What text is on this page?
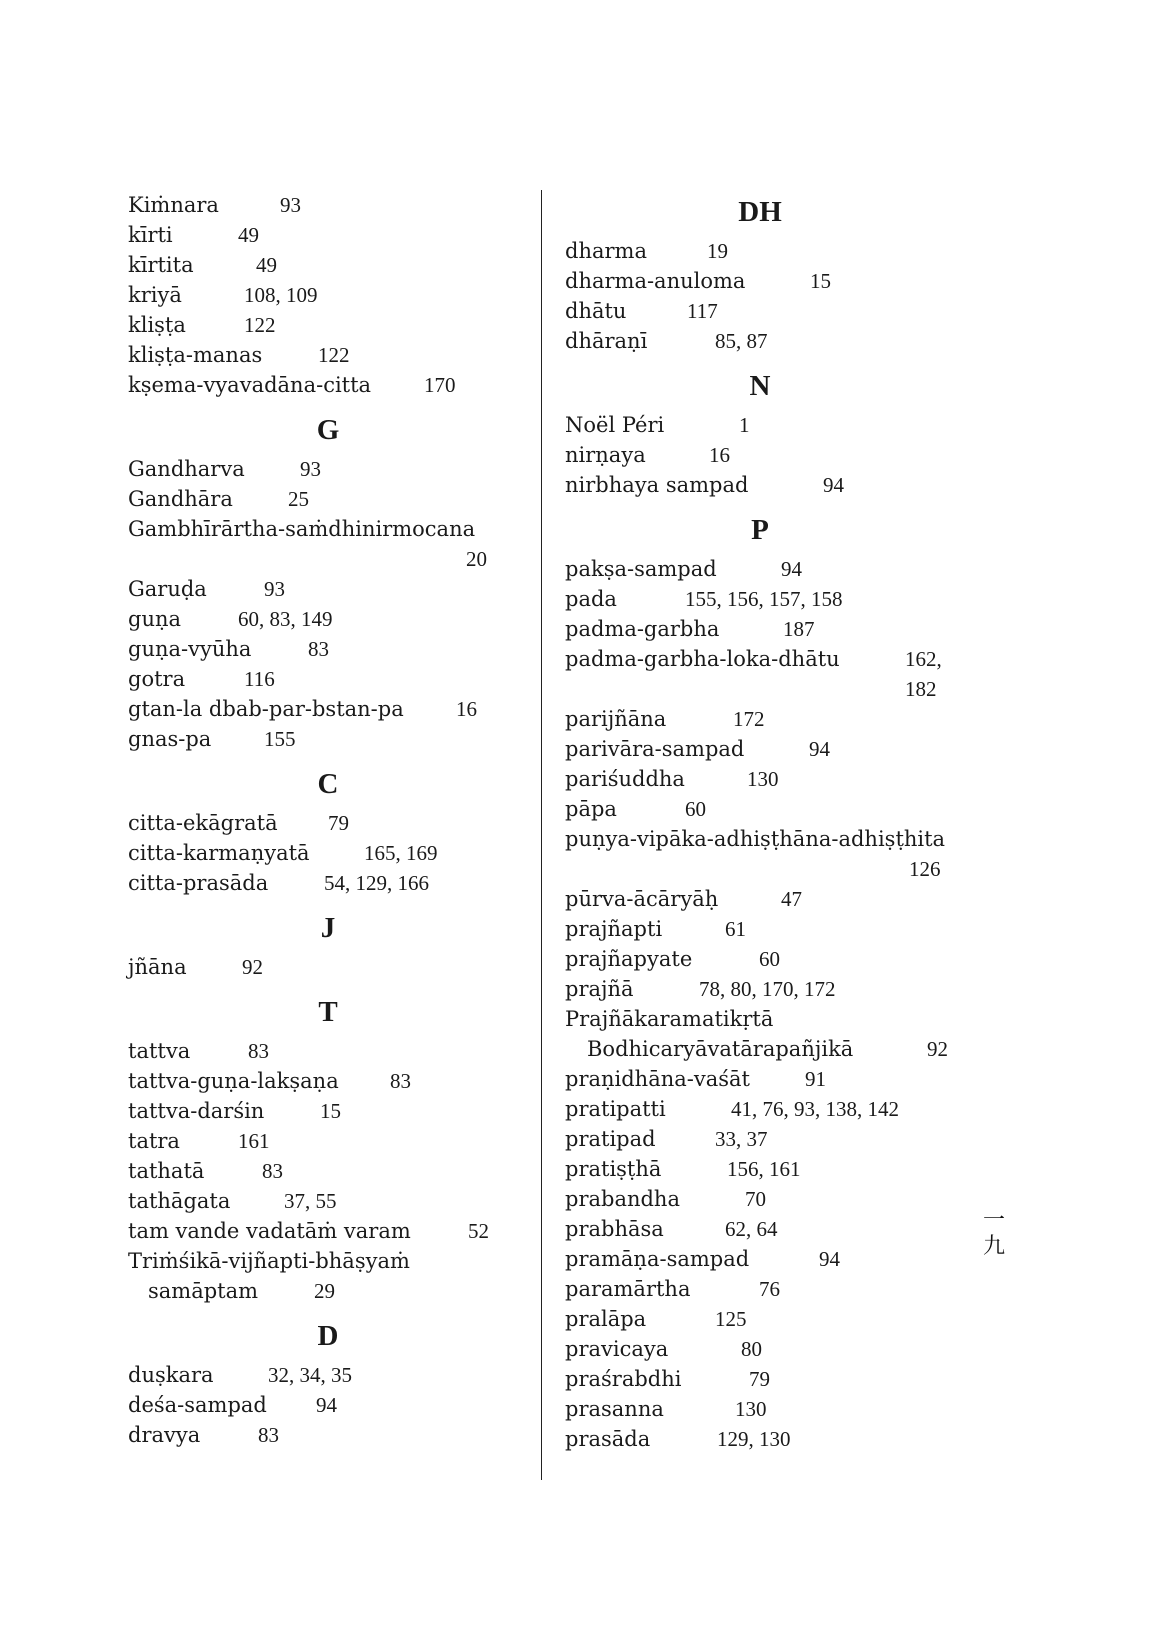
Kiṁnara	93
kīrti	49
kīrtita	49
kriyā	108, 109
kliṣṭa	122
kliṣṭa-manas	122
kṣema-vyavadāna-citta	170
G
Gandharva	93
Gandhāra	25
Gambhīrārtha-saṁdhinirmocana
20
Garuḍa	93
guṇa	60, 83, 149
guṇa-vyūha	83
gotra	116
gtan-la dbab-par-bstan-pa 16
gnas-pa	155
C
citta-ekāgratā 79
citta-karmaṇyatā	165, 169
citta-prasāda	54, 129, 166
J
jñāna	92
T
tattva	83
tattva-guṇa-lakṣaṇa 83
tattva-darśin	15
tatra	161
tathatā	83
tathāgata	37, 55
tam vande vadatāṁ varam	52
Triṁśikā-vijñapti-bhāṣyaṁ
samāptam	29
D
duṣkara	32, 34, 35
deśa-sampad 94
dravya	83
DH
dharma	19
dharma-anuloma	15
dhātu	117
dhāraṇī	85, 87
N
Noël Péri	1
nirṇaya	16
nirbhaya sampad	94
P
pakṣa-sampad	94
pada	155, 156, 157, 158
padma-garbha	187
padma-garbha-loka-dhātu	162,
182
parijñāna	172
parivāra-sampad	94
pariśuddha	130
pāpa	60
puṇya-vipāka-adhiṣṭhāna-adhiṣṭhita
126
pūrva-ācāryāḥ	47
prajñapti	61
prajñapyate	60
prajñā	78, 80, 170, 172
Prajñākaramatikṛtā
Bodhicaryāvatārapañjikā	92
praṇidhāna-vaśāt	91
pratipatti	41, 76, 93, 138, 142
pratipad	33, 37
pratiṣṭhā	156, 161
prabandha	70
prabhāsa	62, 64
pramāṇa-sampad	94
paramārtha	76
pralāpa	125
pravicaya	80
praśrabdhi	79
prasanna	130
prasāda	129, 130
一九
